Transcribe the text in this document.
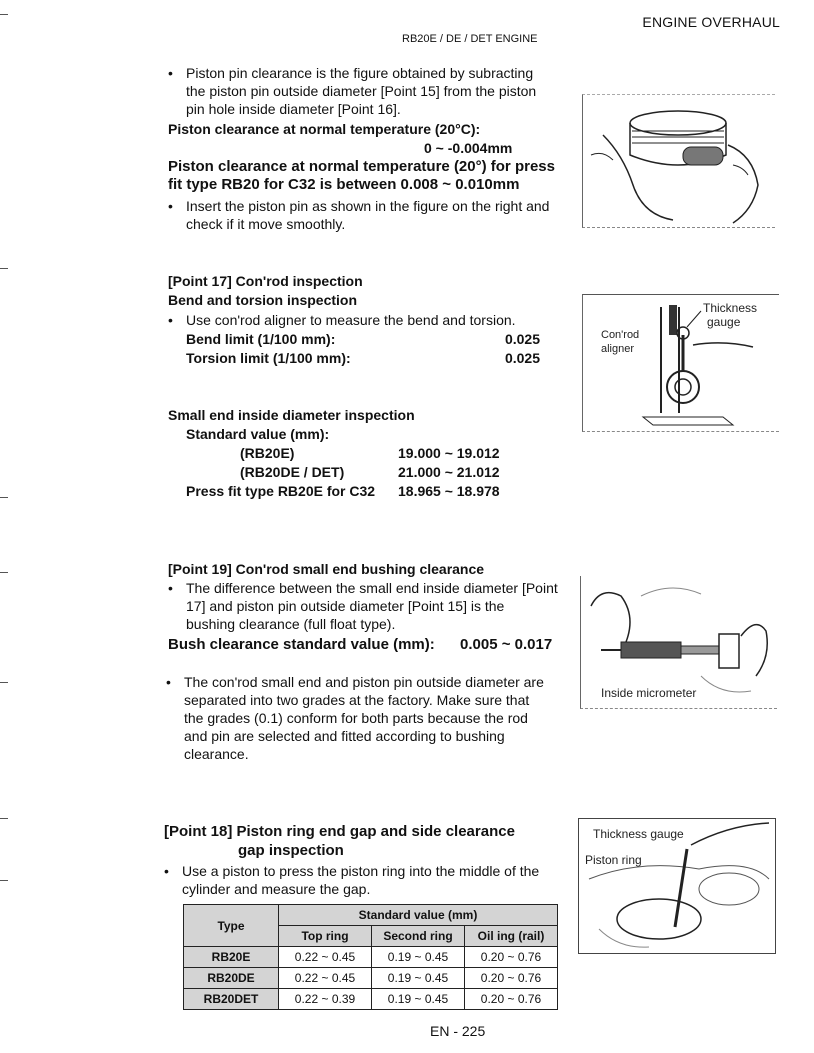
ENGINE OVERHAUL
RB20E / DE / DET ENGINE
• Piston pin clearance is the figure obtained by subracting
the piston pin outside diameter [Point 15] from the piston
pin hole inside diameter [Point 16].
Piston clearance at normal temperature (20°C):
0 ~ -0.004mm
Piston clearance at normal temperature (20°) for press
fit type RB20 for C32 is between 0.008 ~ 0.010mm
• Insert the piston pin as shown in the figure on the right and
check if it move smoothly.
[Point 17] Con'rod inspection
Bend and torsion inspection
• Use con'rod aligner to measure the bend and torsion.
Bend limit (1/100 mm):	0.025
Torsion limit (1/100 mm):	0.025
Thickness
gauge
Con'rod
aligner
Small end inside diameter inspection
Standard value (mm):
(RB20E)	19.000 ~ 19.012
(RB20DE / DET)	21.000 ~ 21.012
Press fit type RB20E for C32 18.965 ~ 18.978
[Point 19] Con'rod small end bushing clearance
• The difference between the small end inside diameter [Point
17] and piston pin outside diameter [Point 15] is the
bushing clearance (full float type).
Bush clearance standard value (mm): 0.005 ~ 0.017
• The con'rod small end and piston pin outside diameter are
separated into two grades at the factory. Make sure that
the grades (0.1) conform for both parts because the rod
and pin are selected and fitted according to bushing
clearance.
Inside micrometer
[Point 18] Piston ring end gap and side clearance
gap inspection
• Use a piston to press the piston ring into the middle of the
cylinder and measure the gap.
Thickness gauge
Piston ring
Type	Standard value (mm)		
	Top ring	Second ring	Oil ing (rail)
RB20E	0.22 ~ 0.45	0.19 ~ 0.45	0.20 ~ 0.76
RB20DE	0.22 ~ 0.45	0.19 ~ 0.45	0.20 ~ 0.76
RB20DET	0.22 ~ 0.39	0.19 ~ 0.45	0.20 ~ 0.76
EN - 225
